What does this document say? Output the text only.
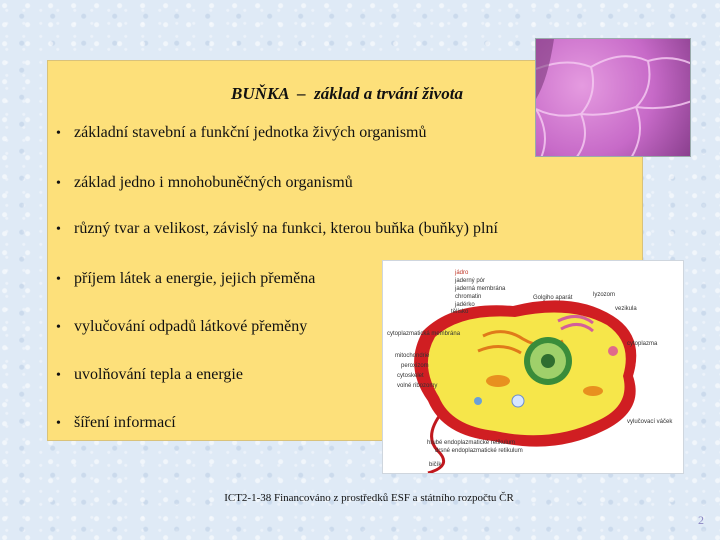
BUŇKA  –  základ a trvání života
• základní stavební a funkční jednotka živých organismů
• základ jedno i mnohobuněčných organismů
• různý tvar a velikost, závislý na funkci, kterou buňka (buňky) plní
• příjem látek a energie, jejich přeměna
• vylučování odpadů látkové přeměny
• uvolňování tepla a energie
• šíření informací
jádro
jaderný pór
jaderná membrána
chromatin
jadérko
Golgiho aparát	lyzozom
vezikula
tělísko
cytoplazmatická membrána
mitochondrie
peroxizom
cytoskelet
volné ribozomy
cytoplazma
vylučovací váček
hrubé endoplazmatické retikulum
drsné endoplazmatické retikulum
bičík
ICT2-1-38 Financováno z prostředků ESF a státního rozpočtu ČR
2
